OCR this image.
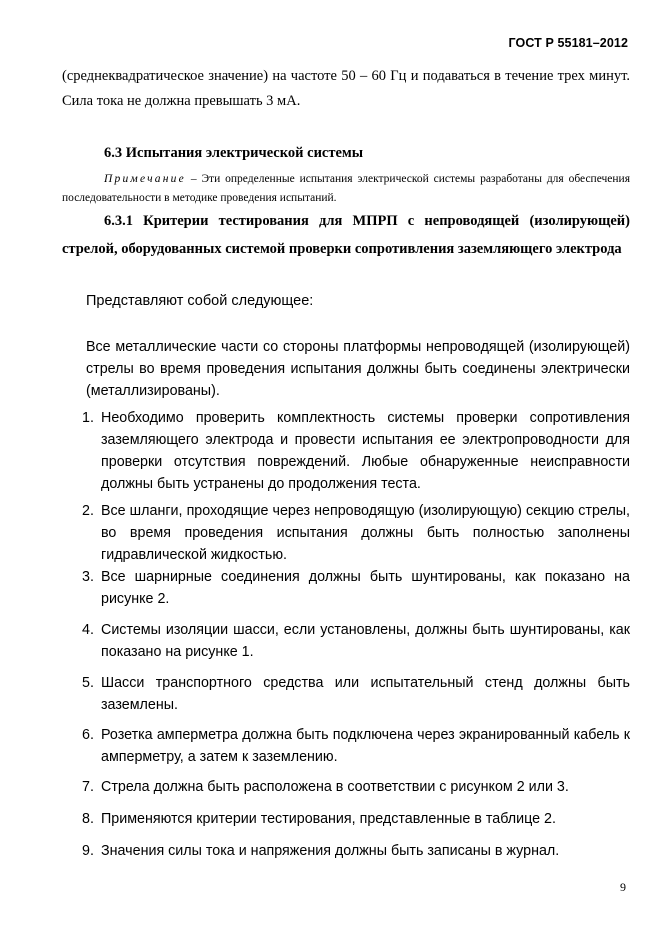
ГОСТ Р 55181–2012
(среднеквадратическое значение) на частоте 50 – 60 Гц и подаваться в течение трех минут. Сила тока не должна превышать 3 мА.
6.3 Испытания электрической системы
Примечание – Эти определенные испытания электрической системы разработаны для обеспечения последовательности в методике проведения испытаний.
6.3.1 Критерии тестирования для МПРП с непроводящей (изолирующей) стрелой, оборудованных системой проверки сопротивления заземляющего электрода
Представляют собой следующее:
Все металлические части со стороны платформы непроводящей (изолирующей) стрелы во время проведения испытания должны быть соединены электрически (металлизированы).
1. Необходимо проверить комплектность системы проверки сопротивления заземляющего электрода и провести испытания ее электропроводности для проверки отсутствия повреждений. Любые обнаруженные неисправности должны быть устранены до продолжения теста.
2. Все шланги, проходящие через непроводящую (изолирующую) секцию стрелы, во время проведения испытания должны быть полностью заполнены гидравлической жидкостью.
3. Все шарнирные соединения должны быть шунтированы, как показано на рисунке 2.
4. Системы изоляции шасси, если установлены, должны быть шунтированы, как показано на рисунке 1.
5. Шасси транспортного средства или испытательный стенд должны быть заземлены.
6. Розетка амперметра должна быть подключена через экранированный кабель к амперметру, а затем к заземлению.
7. Стрела должна быть расположена в соответствии с рисунком 2 или 3.
8. Применяются критерии тестирования, представленные в таблице 2.
9. Значения силы тока и напряжения должны быть записаны в журнал.
9
